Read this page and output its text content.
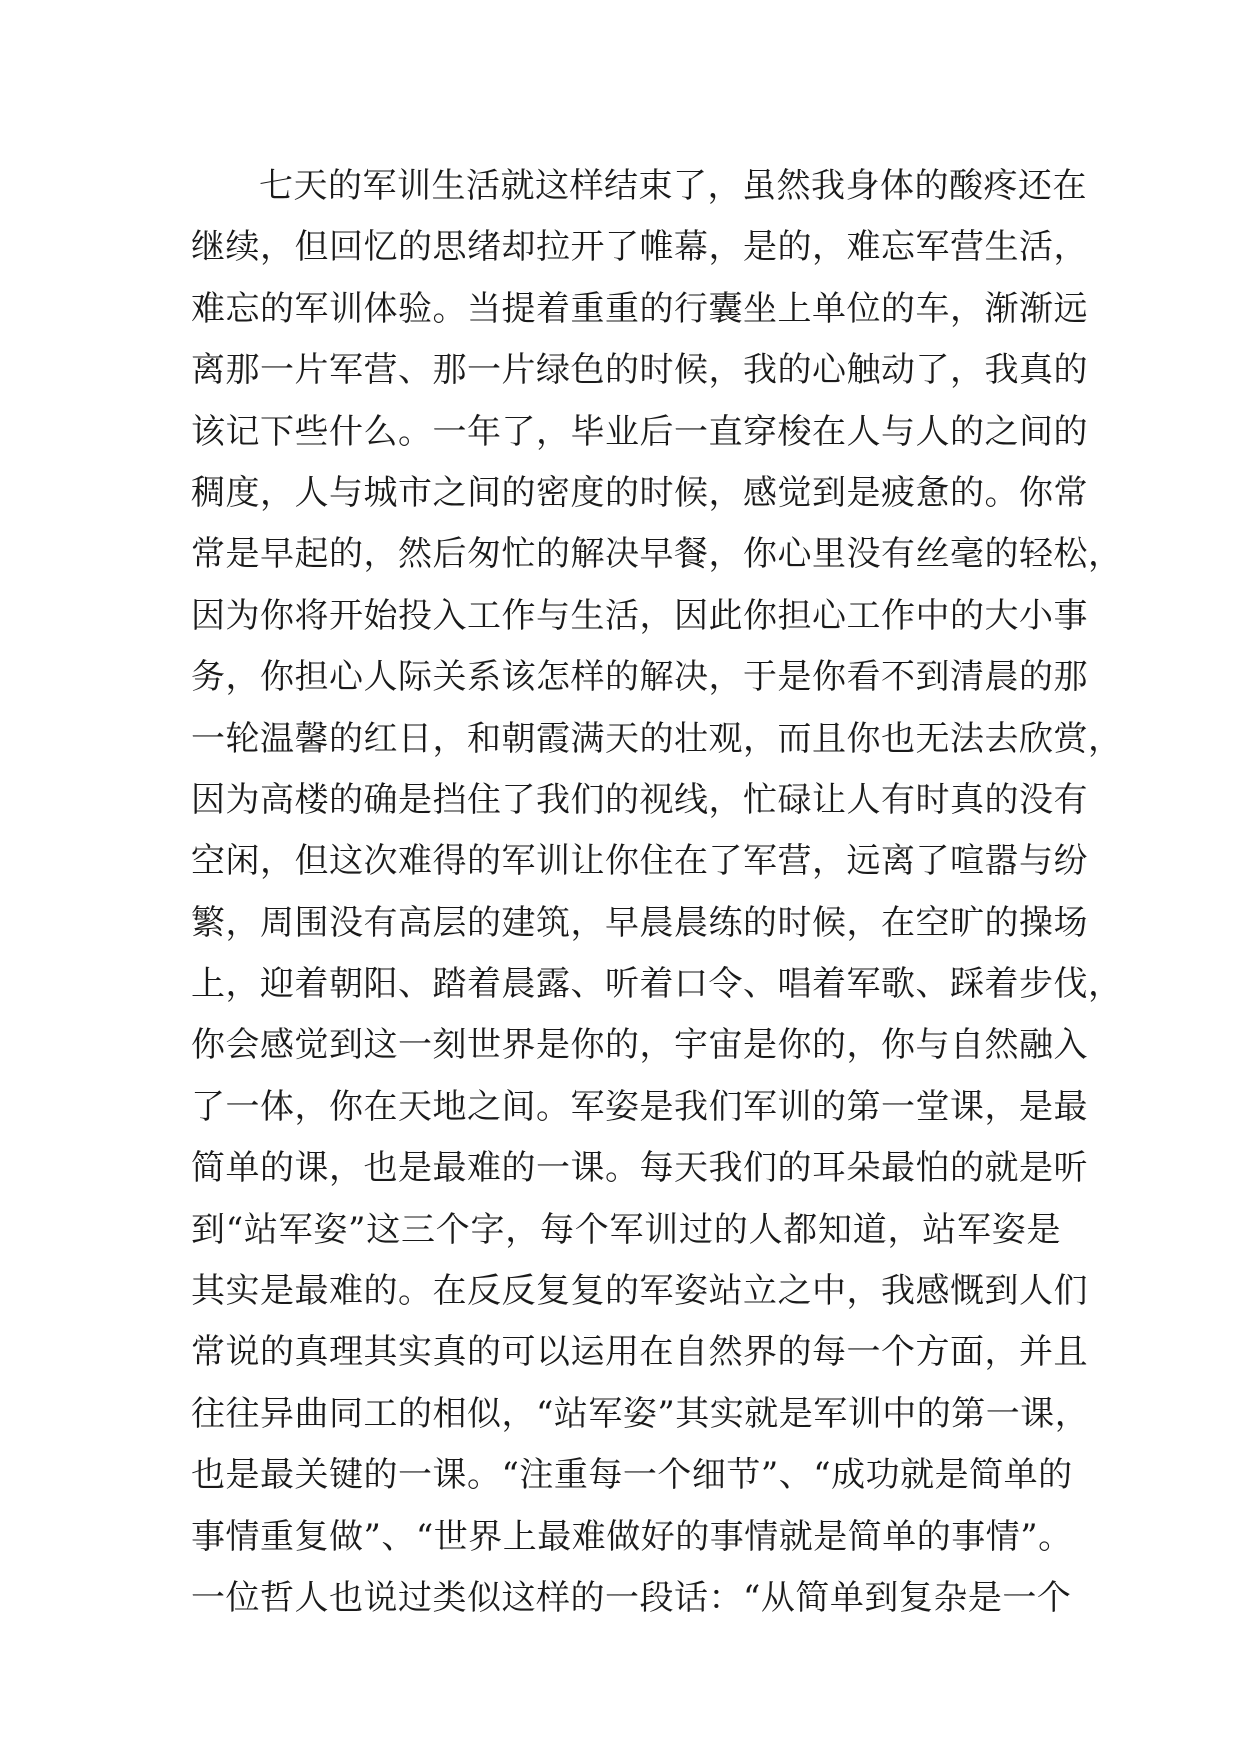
七天的军训生活就这样结束了，虽然我身体的酸疼还在
继续，但回忆的思绪却拉开了帷幕，是的，难忘军营生活，
难忘的军训体验。当提着重重的行囊坐上单位的车，渐渐远
离那一片军营、那一片绿色的时候，我的心触动了，我真的
该记下些什么。一年了，毕业后一直穿梭在人与人的之间的
稠度，人与城市之间的密度的时候，感觉到是疲惫的。你常
常是早起的，然后匆忙的解决早餐，你心里没有丝毫的轻松，
因为你将开始投入工作与生活，因此你担心工作中的大小事
务，你担心人际关系该怎样的解决，于是你看不到清晨的那
一轮温馨的红日，和朝霞满天的壮观，而且你也无法去欣赏，
因为高楼的确是挡住了我们的视线，忙碌让人有时真的没有
空闲，但这次难得的军训让你住在了军营，远离了喧嚣与纷
繁，周围没有高层的建筑，早晨晨练的时候，在空旷的操场
上，迎着朝阳、踏着晨露、听着口令、唱着军歌、踩着步伐，
你会感觉到这一刻世界是你的，宇宙是你的，你与自然融入
了一体，你在天地之间。军姿是我们军训的第一堂课，是最
简单的课，也是最难的一课。每天我们的耳朵最怕的就是听
到“站军姿”这三个字，每个军训过的人都知道，站军姿是
其实是最难的。在反反复复的军姿站立之中，我感慨到人们
常说的真理其实真的可以运用在自然界的每一个方面，并且
往往异曲同工的相似，“站军姿”其实就是军训中的第一课，
也是最关键的一课。“注重每一个细节”、“成功就是简单的
事情重复做”、“世界上最难做好的事情就是简单的事情”。
一位哲人也说过类似这样的一段话：“从简单到复杂是一个
